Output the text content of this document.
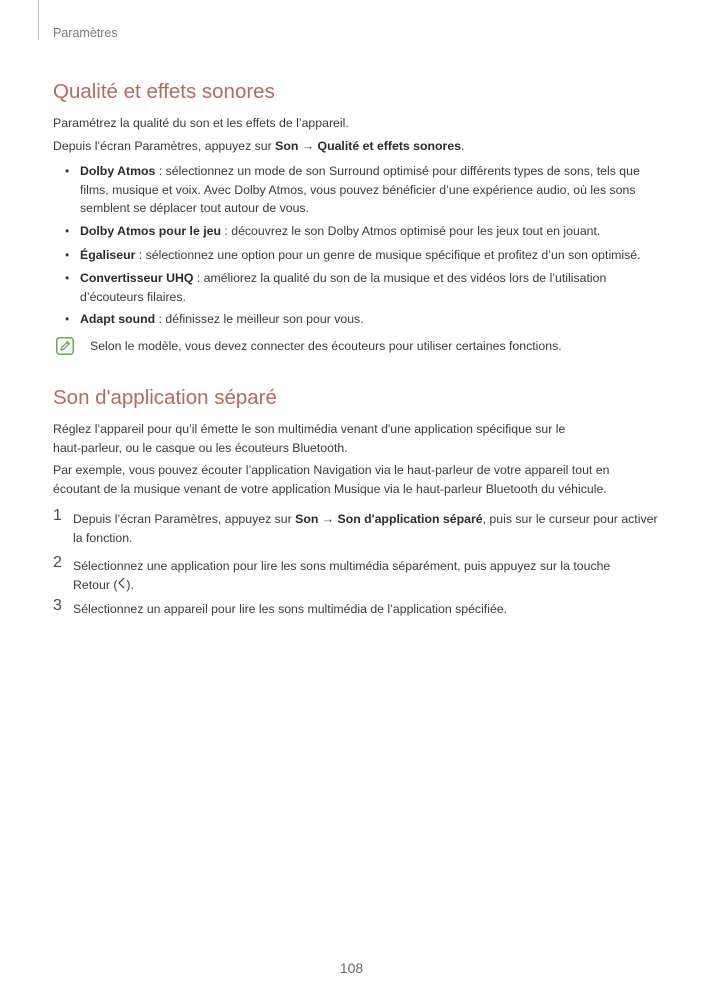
Paramètres
Qualité et effets sonores

Paramétrez la qualité du son et les effets de l’appareil.

Depuis l’écran Paramètres, appuyez sur Son → Qualité et effets sonores.

• Dolby Atmos : sélectionnez un mode de son Surround optimisé pour différents types de sons, tels que
films, musique et voix. Avec Dolby Atmos, vous pouvez bénéficier d’une expérience audio, où les sons
semblent se déplacer tout autour de vous.
• Dolby Atmos pour le jeu : découvrez le son Dolby Atmos optimisé pour les jeux tout en jouant.
• Égaliseur : sélectionnez une option pour un genre de musique spécifique et profitez d’un son optimisé.
• Convertisseur UHQ : améliorez la qualité du son de la musique et des vidéos lors de l’utilisation
d’écouteurs filaires.
• Adapt sound : définissez le meilleur son pour vous.

Selon le modèle, vous devez connecter des écouteurs pour utiliser certaines fonctions.

Son d'application séparé

Réglez l’appareil pour qu’il émette le son multimédia venant d'une application spécifique sur le
haut-parleur, ou le casque ou les écouteurs Bluetooth.

Par exemple, vous pouvez écouter l’application Navigation via le haut-parleur de votre appareil tout en
écoutant de la musique venant de votre application Musique via le haut-parleur Bluetooth du véhicule.

1 Depuis l’écran Paramètres, appuyez sur Son → Son d'application séparé, puis sur le curseur pour activer
la fonction.
2 Sélectionnez une application pour lire les sons multimédia séparément, puis appuyez sur la touche
Retour ( ).
3 Sélectionnez un appareil pour lire les sons multimédia de l’application spécifiée.
108
